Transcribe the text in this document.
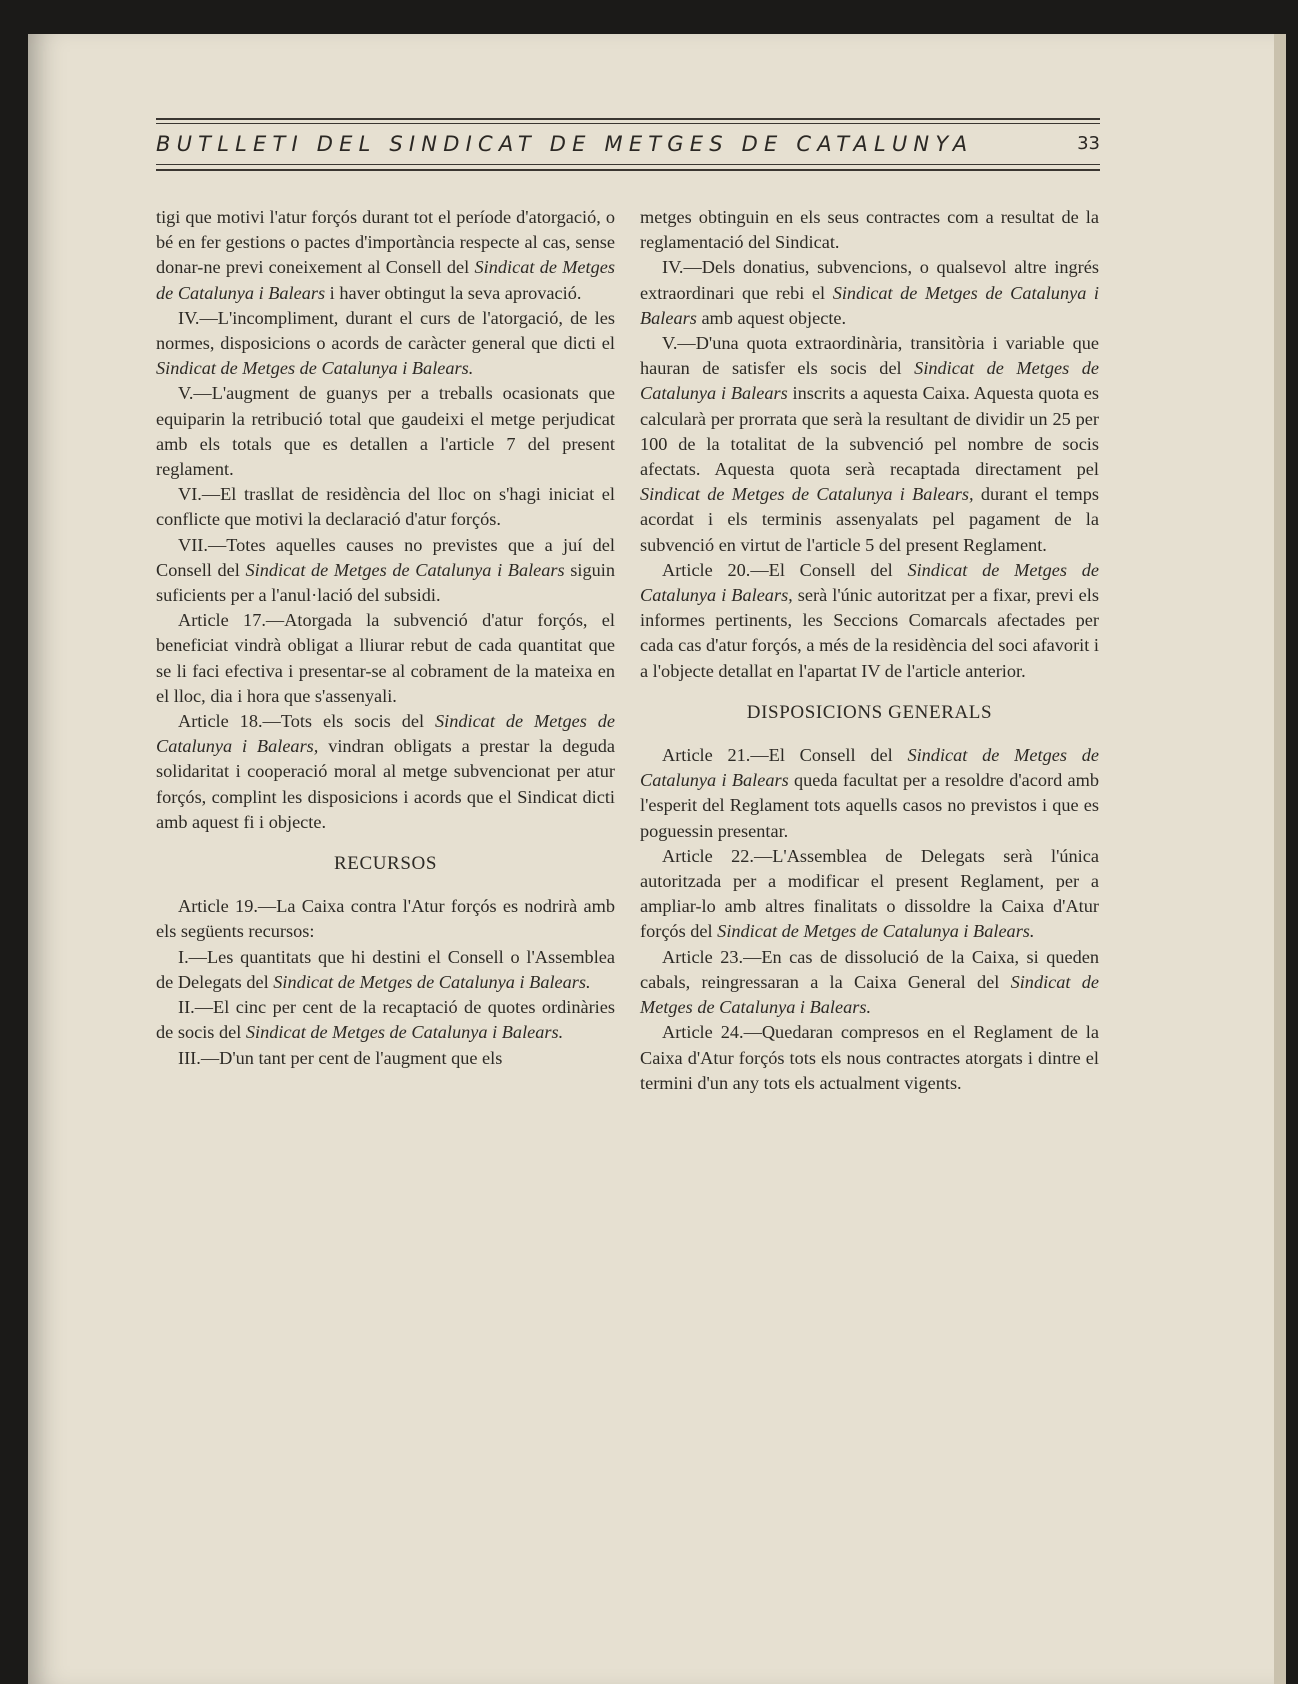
BUTLLETI DEL SINDICAT DE METGES DE CATALUNYA	33

tigi que motivi l'atur forçós durant tot el període d'atorgació, o bé en fer gestions o pactes d'importància respecte al cas, sense donar-ne previ coneixement al Consell del Sindicat de Metges de Catalunya i Balears i haver obtingut la seva aprovació.

IV.—L'incompliment, durant el curs de l'atorgació, de les normes, disposicions o acords de caràcter general que dicti el Sindicat de Metges de Catalunya i Balears.

V.—L'augment de guanys per a treballs ocasionats que equiparin la retribució total que gaudeixi el metge perjudicat amb els totals que es detallen a l'article 7 del present reglament.

VI.—El trasllat de residència del lloc on s'hagi iniciat el conflicte que motivi la declaració d'atur forçós.

VII.—Totes aquelles causes no previstes que a juí del Consell del Sindicat de Metges de Catalunya i Balears siguin suficients per a l'anul·lació del subsidi.

Article 17.—Atorgada la subvenció d'atur forçós, el beneficiat vindrà obligat a lliurar rebut de cada quantitat que se li faci efectiva i presentar-se al cobrament de la mateixa en el lloc, dia i hora que s'assenyali.

Article 18.—Tots els socis del Sindicat de Metges de Catalunya i Balears, vindran obligats a prestar la deguda solidaritat i cooperació moral al metge subvencionat per atur forçós, complint les disposicions i acords que el Sindicat dicti amb aquest fi i objecte.

RECURSOS

Article 19.—La Caixa contra l'Atur forçós es nodrirà amb els següents recursos:

I.—Les quantitats que hi destini el Consell o l'Assemblea de Delegats del Sindicat de Metges de Catalunya i Balears.

II.—El cinc per cent de la recaptació de quotes ordinàries de socis del Sindicat de Metges de Catalunya i Balears.

III.—D'un tant per cent de l'augment que els

metges obtinguin en els seus contractes com a resultat de la reglamentació del Sindicat.

IV.—Dels donatius, subvencions, o qualsevol altre ingrés extraordinari que rebi el Sindicat de Metges de Catalunya i Balears amb aquest objecte.

V.—D'una quota extraordinària, transitòria i variable que hauran de satisfer els socis del Sindicat de Metges de Catalunya i Balears inscrits a aquesta Caixa. Aquesta quota es calcularà per prorrata que serà la resultant de dividir un 25 per 100 de la totalitat de la subvenció pel nombre de socis afectats. Aquesta quota serà recaptada directament pel Sindicat de Metges de Catalunya i Balears, durant el temps acordat i els terminis assenyalats pel pagament de la subvenció en virtut de l'article 5 del present Reglament.

Article 20.—El Consell del Sindicat de Metges de Catalunya i Balears, serà l'únic autoritzat per a fixar, previ els informes pertinents, les Seccions Comarcals afectades per cada cas d'atur forçós, a més de la residència del soci afavorit i a l'objecte detallat en l'apartat IV de l'article anterior.

DISPOSICIONS GENERALS

Article 21.—El Consell del Sindicat de Metges de Catalunya i Balears queda facultat per a resoldre d'acord amb l'esperit del Reglament tots aquells casos no previstos i que es poguessin presentar.

Article 22.—L'Assemblea de Delegats serà l'única autoritzada per a modificar el present Reglament, per a ampliar-lo amb altres finalitats o dissoldre la Caixa d'Atur forçós del Sindicat de Metges de Catalunya i Balears.

Article 23.—En cas de dissolució de la Caixa, si queden cabals, reingressaran a la Caixa General del Sindicat de Metges de Catalunya i Balears.

Article 24.—Quedaran compresos en el Reglament de la Caixa d'Atur forçós tots els nous contractes atorgats i dintre el termini d'un any tots els actualment vigents.
